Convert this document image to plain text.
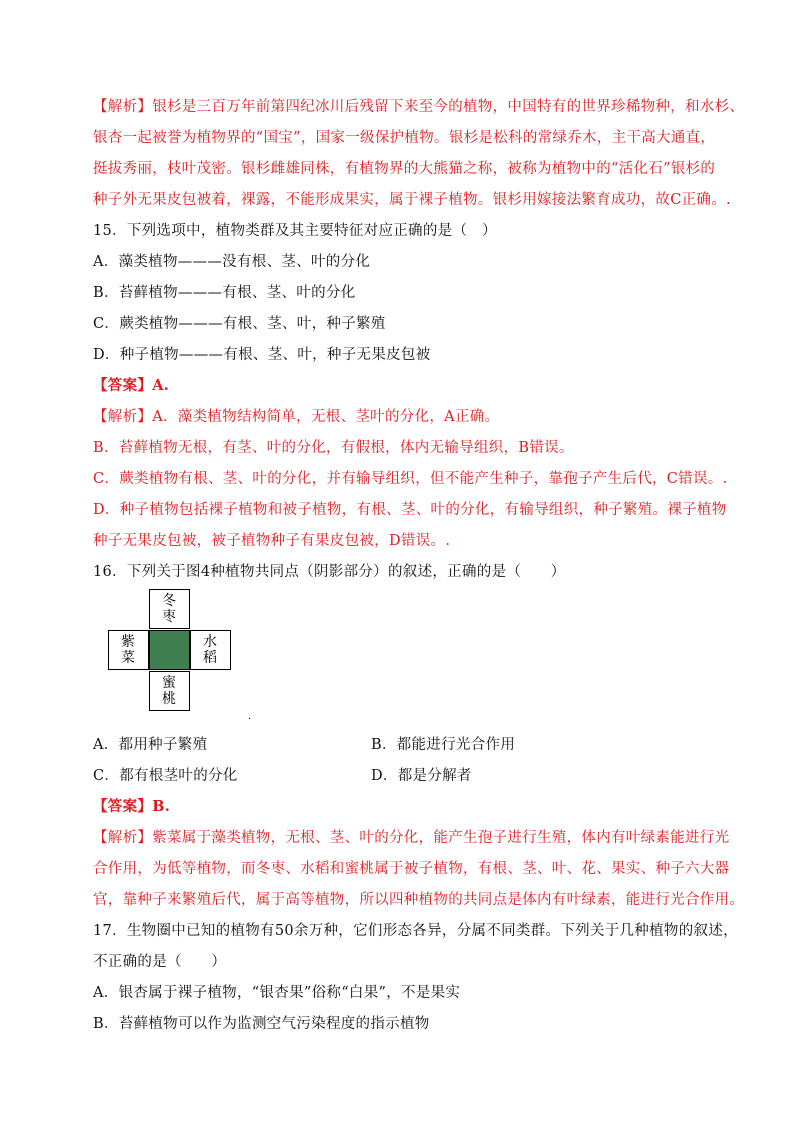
【解析】银杉是三百万年前第四纪冰川后残留下来至今的植物，中国特有的世界珍稀物种，和水杉、
银杏一起被誉为植物界的“国宝”，国家一级保护植物。银杉是松科的常绿乔木，主干高大通直，
挺拔秀丽，枝叶茂密。银杉雌雄同株，有植物界的大熊猫之称，被称为植物中的“活化石”银杉的
种子外无果皮包被着，裸露，不能形成果实，属于裸子植物。银杉用嫁接法繁育成功，故C正确。.
15．下列选项中，植物类群及其主要特征对应正确的是（　）
A．藻类植物———没有根、茎、叶的分化
B．苔藓植物———有根、茎、叶的分化
C．蕨类植物———有根、茎、叶，种子繁殖
D．种子植物———有根、茎、叶，种子无果皮包被
【答案】A.
【解析】A．藻类植物结构简单，无根、茎叶的分化，A正确。
B．苔藓植物无根，有茎、叶的分化，有假根，体内无输导组织，B错误。
C．蕨类植物有根、茎、叶的分化，并有输导组织，但不能产生种子，靠孢子产生后代，C错误。.
D．种子植物包括裸子植物和被子植物，有根、茎、叶的分化，有输导组织，种子繁殖。裸子植物
种子无果皮包被，被子植物种子有果皮包被，D错误。.
16．下列关于图4种植物共同点（阴影部分）的叙述，正确的是（　　）
冬
枣
紫
菜
水
稻
蜜
桃
.
A．都用种子繁殖	B．都能进行光合作用
C．都有根茎叶的分化	D．都是分解者
【答案】B.
【解析】紫菜属于藻类植物，无根、茎、叶的分化，能产生孢子进行生殖，体内有叶绿素能进行光
合作用，为低等植物，而冬枣、水稻和蜜桃属于被子植物，有根、茎、叶、花、果实、种子六大器
官，靠种子来繁殖后代，属于高等植物，所以四种植物的共同点是体内有叶绿素，能进行光合作用。
17．生物圈中已知的植物有50余万种，它们形态各异，分属不同类群。下列关于几种植物的叙述，
不正确的是（　　）
A．银杏属于裸子植物，“银杏果”俗称“白果”，不是果实
B．苔藓植物可以作为监测空气污染程度的指示植物
